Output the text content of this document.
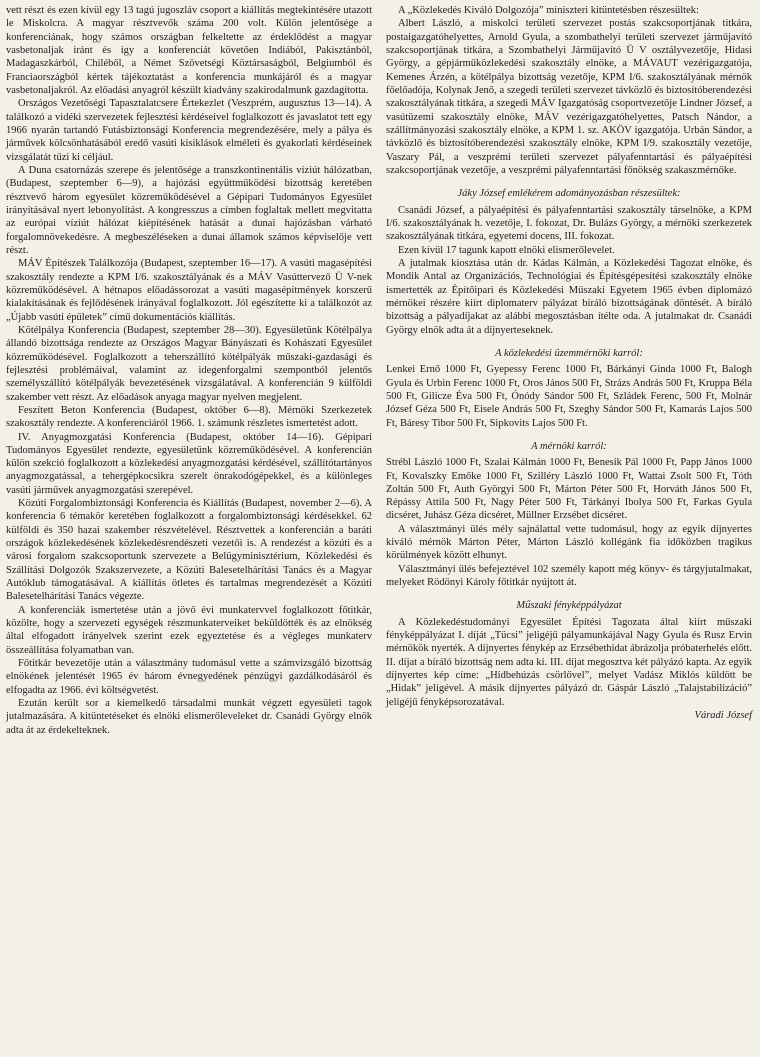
vett részt és ezen kívül egy 13 tagú jugoszláv csoport a kiállítás megtekintésére utazott le Miskolcra. A magyar résztvevők száma 200 volt. Külön jelentősége a konferenciának, hogy számos országban felkeltette az érdeklődést a magyar vasbetonaljak iránt és így a konferenciát követően Indiából, Pakisztánból, Madagaszkárból, Chiléből, a Német Szövetségi Köztársaságból, Belgiumból és Franciaországból kértek tájékoztatást a konferencia munkájáról és a magyar vasbetonaljakról. Az előadási anyagról készült kiadvány szakirodalmunk gazdagította.

Országos Vezetőségi Tapasztalatcsere Értekezlet (Veszprém, augusztus 13—14). A találkozó a vidéki szervezetek fejlesztési kérdéseivel foglalkozott és javaslatot tett egy 1966 nyarán tartandó Futásbiztonsági Konferencia megrendezésére, mely a pálya és járművek kölcsönhatásából eredő vasúti kisiklások elméleti és gyakorlati kérdéseinek vizsgálatát tűzi ki céljául.

A Duna csatornázás szerepe és jelentősége a transzkontinentális víziút hálózatban, (Budapest, szeptember 6—9), a hajózási együttműködési bizottság keretében résztvevő három egyesület közreműködésével a Gépipari Tudományos Egyesület irányításával nyert lebonyolítást. A kongresszus a címben foglaltak mellett megvitatta az európai víziút hálózat kiépítésének hatását a dunai hajózásban várható forgalomnövekedésre. A megbeszéléseken a dunai államok számos képviselője vett részt.

MÁV Építészek Találkozója (Budapest, szeptember 16—17). A vasúti magasépítési szakosztály rendezte a KPM I/6. szakosztályának és a MÁV Vasúttervező Ü V-nek közreműködésével. A hétnapos előadássorozat a vasúti magasépítmények korszerű kialakításának és fejlődésének irányával foglalkozott. Jól egészítette ki a találkozót az „Újabb vasúti épületek” című dokumentációs kiállítás.

Kötélpálya Konferencia (Budapest, szeptember 28—30). Egyesületünk Kötélpálya állandó bizottsága rendezte az Országos Magyar Bányászati és Kohászati Egyesület közreműködésével. Foglalkozott a teherszállító kötélpályák műszaki-gazdasági és fejlesztési problémáival, valamint az idegenforgalmi szempontból jelentős személyszállító kötélpályák bevezetésének vizsgálatával. A konferencián 9 külföldi szakember vett részt. Az előadások anyaga magyar nyelven megjelent.

Feszített Beton Konferencia (Budapest, október 6—8). Mérnöki Szerkezetek szakosztály rendezte. A konferenciáról 1966. 1. számunk részletes ismertetést adott.

IV. Anyagmozgatási Konferencia (Budapest, október 14—16). Gépipari Tudományos Egyesület rendezte, egyesületünk közreműködésével. A konferencián külön szekció foglalkozott a közlekedési anyagmozgatási kérdésével, szállítótartányos anyagmozgatással, a tehergépkocsikra szerelt önrakodógépekkel, és a különleges vasúti járművek anyagmozgatási szerepével.

Közúti Forgalombiztonsági Konferencia és Kiállítás (Budapest, november 2—6). A konferencia 6 témakör keretében foglalkozott a forgalombiztonsági kérdésekkel. 62 külföldi és 350 hazai szakember részvételével. Résztvettek a konferencián a baráti országok közlekedésének közlekedésrendészeti vezetői is. A rendezést a közúti és a városi forgalom szakcsoportunk szervezete a Belügyminisztérium, Közlekedési és Szállítási Dolgozók Szakszervezete, a Közúti Balesetelhárítási Tanács és a Magyar Autóklub támogatásával. A kiállítás ötletes és tartalmas megrendezését a Közúti Balesetelhárítási Tanács végezte.

A konferenciák ismertetése után a jövő évi munkatervvel foglalkozott főtitkár, közölte, hogy a szervezeti egységek részmunkaterveiket beküldötték és az elnökség által elfogadott irányelvek szerint ezek egyeztetése és a végleges munkaterv összeállítása folyamatban van.

Főtitkár bevezetője után a választmány tudomásul vette a számvizsgáló bizottság elnökének jelentését 1965 év három évnegyedének pénzügyi gazdálkodásáról és elfogadta az 1966. évi költségvetést.

Ezután került sor a kiemelkedő társadalmi munkát végzett egyesületi tagok jutalmazására. A kitüntetéseket és elnöki elismerőleveleket dr. Csanádi György elnök adta át az érdekelteknek.

A „Közlekedés Kiváló Dolgozója” miniszteri kitüntetésben részesültek:

Albert László, a miskolci területi szervezet postás szakcsoportjának titkára, postaigazgatóhelyettes, Arnold Gyula, a szombathelyi területi szervezet járműjavító szakcsoportjának titkára, a Szombathelyi Járműjavító Ü V osztályvezetője, Hidasi György, a gépjárműközlekedési szakosztály elnöke, a MÁVAUT vezérigazgatója, Kemenes Árzén, a kötélpálya bizottság vezetője, KPM I/6. szakosztályának mérnök főelőadója, Kolynak Jenő, a szegedi területi szervezet távközlő és biztosítóberendezési szakosztályának titkára, a szegedi MÁV Igazgatóság csoportvezetője Lindner József, a vasútüzemi szakosztály elnöke, MÁV vezérigazgatóhelyettes, Patsch Nándor, a szállítmányozási szakosztály elnöke, a KPM 1. sz. AKÖV igazgatója. Urbán Sándor, a távközlő és biztosítóberendezési szakosztály elnöke, KPM I/9. szakosztály vezetője, Vaszary Pál, a veszprémi területi szervezet pályafenntartási és pályaépítési szakcsoportjának vezetője, a veszprémi pályafenntartási főnökség szakaszmérnöke.

Jáky József emlékérem adományozásban részesültek:

Csanádi József, a pályaépítési és pályafenntartási szakosztály társelnöke, a KPM I/6. szakosztályának h. vezetője, I. fokozat, Dr. Bulázs György, a mérnöki szerkezetek szakosztályának titkára, egyetemi docens, III. fokozat.

Ezen kívül 17 tagunk kapott elnöki elismerőlevelet.

A jutalmak kiosztása után dr. Kádas Kálmán, a Közlekedési Tagozat elnöke, és Mondik Antal az Organizációs, Technológiai és Építésgépesítési szakosztály elnöke ismertették az Építőipari és Közlekedési Műszaki Egyetem 1965 évben diplomázó mérnökei részére kiírt diplomaterv pályázat bíráló bizottságának döntését. A bíráló bizottság a pályadíjakat az alábbi megosztásban ítélte oda. A jutalmakat dr. Csanádi György elnök adta át a díjnyerteseknek.

A közlekedési üzemmérnöki karról:

Lenkei Ernő 1000 Ft, Gyepessy Ferenc 1000 Ft, Bárkányi Ginda 1000 Ft, Balogh Gyula és Urbin Ferenc 1000 Ft, Oros János 500 Ft, Strázs András 500 Ft, Kruppa Béla 500 Ft, Gilicze Éva 500 Ft, Ónódy Sándor 500 Ft, Szládek Ferenc, 500 Ft, Molnár József Géza 500 Ft, Eisele András 500 Ft, Szeghy Sándor 500 Ft, Kamarás Lajos 500 Ft, Báresy Tibor 500 Ft, Sipkovits Lajos 500 Ft.

A mérnöki karról:

Strébl László 1000 Ft, Szalai Kálmán 1000 Ft, Benesik Pál 1000 Ft, Papp János 1000 Ft, Kovalszky Emőke 1000 Ft, Szilléry László 1000 Ft, Wattai Zsolt 500 Ft, Tóth Zoltán 500 Ft, Auth Györgyi 500 Ft, Márton Péter 500 Ft, Horváth János 500 Ft, Répássy Attila 500 Ft, Nagy Péter 500 Ft, Tárkányi Ibolya 500 Ft, Farkas Gyula dicséret, Juhász Géza dicséret, Müllner Erzsébet dicséret.

A választmányi ülés mély sajnálattal vette tudomásul, hogy az egyik díjnyertes kiváló mérnök Márton Péter, Márton László kollégánk fia időközben tragikus körülmények között elhunyt.

Választmányi ülés befejeztével 102 személy kapott még könyv- és tárgyjutalmakat, melyeket Rödönyi Károly főtitkár nyújtott át.

Műszaki fényképpályázat

A Közlekedéstudományi Egyesület Építési Tagozata által kiírt műszaki fényképpályázat I. díját „Tücsi” jeligéjű pályamunkájával Nagy Gyula és Rusz Ervin mérnökök nyerték. A díjnyertes fénykép az Erzsébethidat ábrázolja próbaterhelés előtt. II. díjat a bíráló bizottság nem adta ki. III. díjat megosztva két pályázó kapta. Az egyik díjnyertes kép címe: „Hídbehúzás csörlővel”, melyet Vadász Miklós küldött be „Hidak” jeligével. A másik díjnyertes pályázó dr. Gáspár László „Talajstabilizáció” jeligéjű fényképsorozatával.

Váradi József
